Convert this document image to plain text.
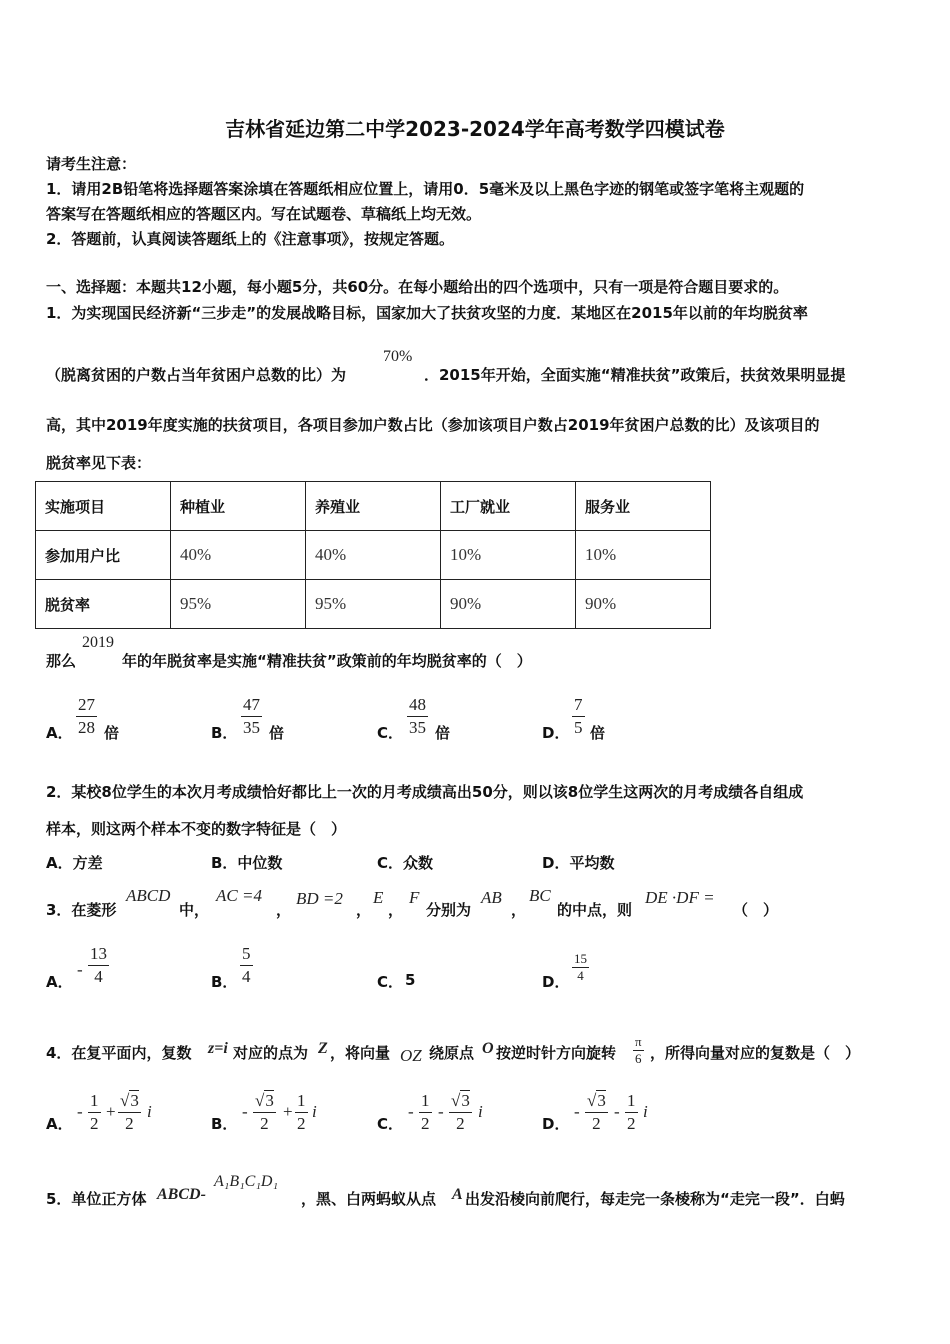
吉林省延边第二中学2023-2024学年高考数学四模试卷
请考生注意：
1．请用2B铅笔将选择题答案涂填在答题纸相应位置上，请用0．5毫米及以上黑色字迹的钢笔或签字笔将主观题的
答案写在答题纸相应的答题区内。写在试题卷、草稿纸上均无效。
2．答题前，认真阅读答题纸上的《注意事项》，按规定答题。
一、选择题：本题共12小题，每小题5分，共60分。在每小题给出的四个选项中，只有一项是符合题目要求的。
1．为实现国民经济新“三步走”的发展战略目标，国家加大了扶贫攻坚的力度．某地区在2015年以前的年均脱贫率
（脱离贫困的户数占当年贫困户总数的比）为
70%
．2015年开始，全面实施“精准扶贫”政策后，扶贫效果明显提
高，其中2019年度实施的扶贫项目，各项目参加户数占比（参加该项目户数占2019年贫困户总数的比）及该项目的
脱贫率见下表：
实施项目	种植业	养殖业	工厂就业	服务业
参加用户比	40%	40%	10%	10%
脱贫率	95%	95%	90%	90%
那么
2019
年的年脱贫率是实施“精准扶贫”政策前的年均脱贫率的（　）
A．
27
28 倍	B．
47
35 倍	C．
48
35 倍	D．
7
5 倍
2．某校8位学生的本次月考成绩恰好都比上一次的月考成绩高出50分，则以该8位学生这两次的月考成绩各自组成
样本，则这两个样本不变的数字特征是（　）
A．方差	B．中位数	C．众数	D．平均数
3．在菱形
ABCD
中，
AC =4
，
BD =2
，
E
，
F
分别为
AB
，
BC
的中点，则
DE ·DF =
（　）
A．
-
13
4	B．
5
4	C． 5	D．
15
4
4．在复平面内，复数 z=i 对应的点为 Z ，将向量 OZ 绕原点 O 按逆时针方向旋转
π
6 ，所得向量对应的复数是（　）
A．
-
1
2
+
√3
2
i
B．
-
√3
2
+
1
2
i
C．
-
1
2
-
√3
2
i
D．
-
√3
2
-
1
2
i
5．单位正方体 ABCD-
A₁B₁C₁D₁
，黑、白两蚂蚁从点 A 出发沿棱向前爬行，每走完一条棱称为“走完一段”．白蚂
